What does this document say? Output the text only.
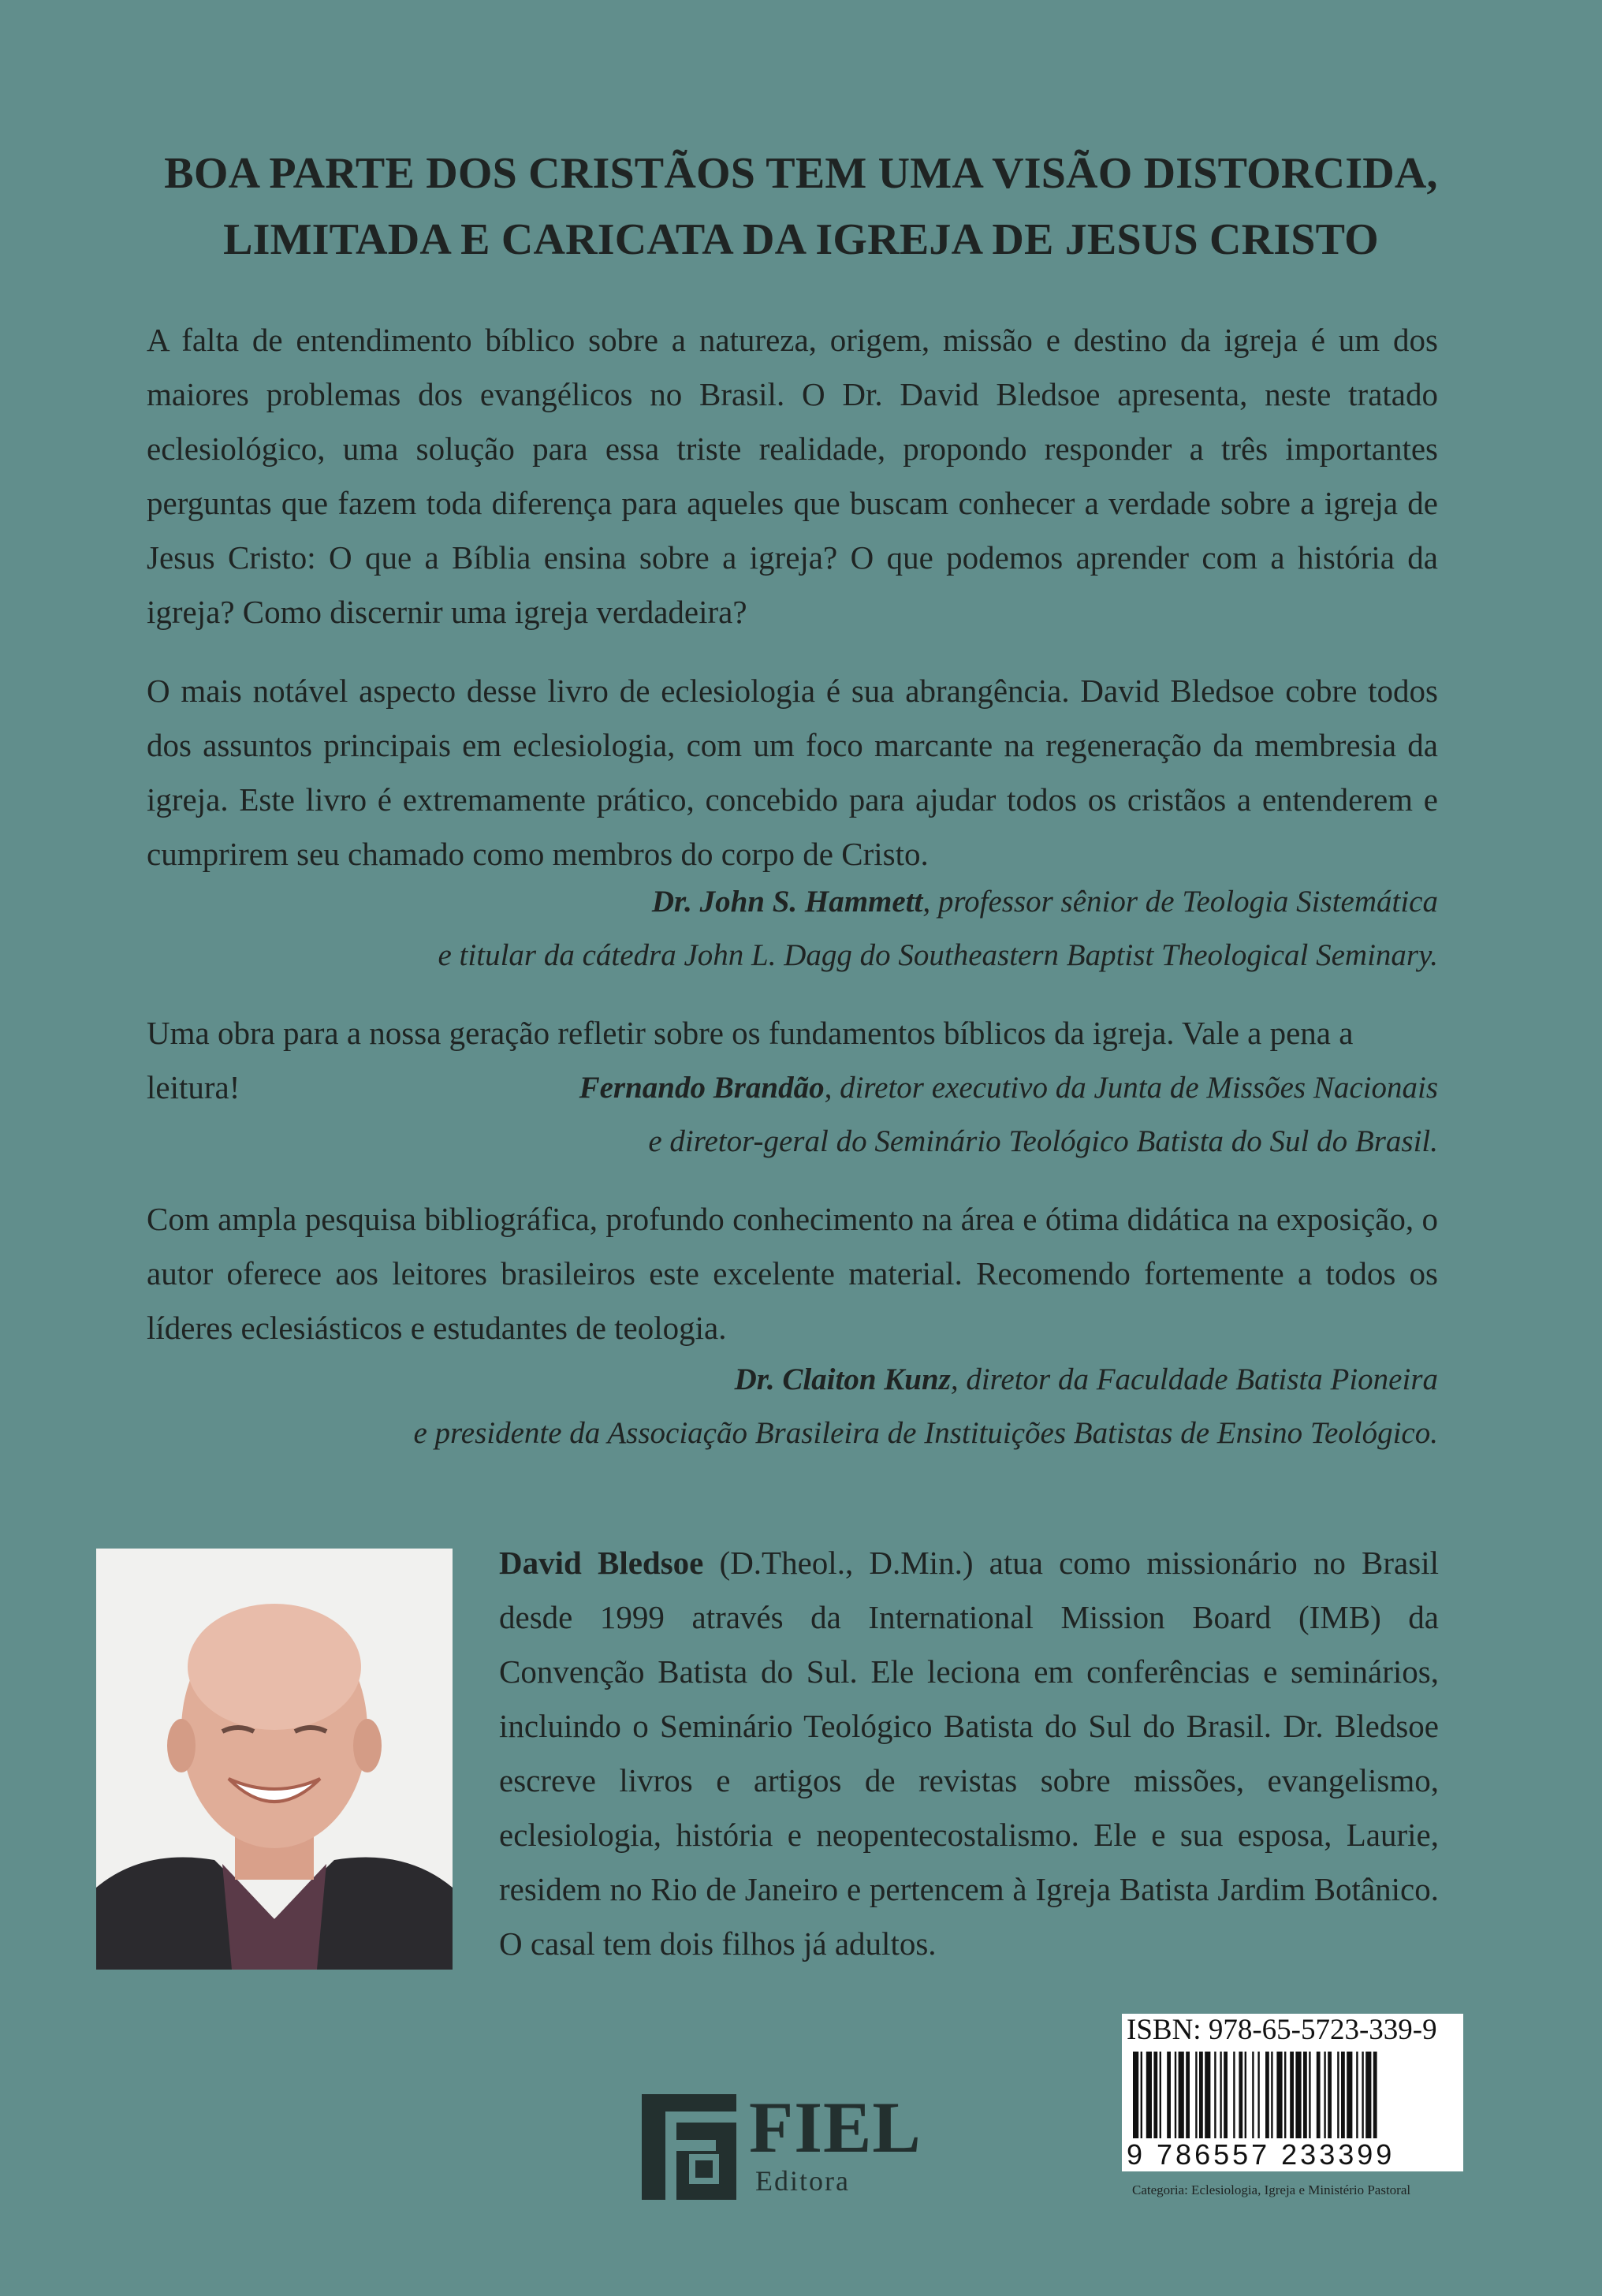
BOA PARTE DOS CRISTÃOS TEM UMA VISÃO DISTORCIDA,
LIMITADA E CARICATA DA IGREJA DE JESUS CRISTO

A falta de entendimento bíblico sobre a natureza, origem, missão e destino da igreja é um dos maiores problemas dos evangélicos no Brasil. O Dr. David Bledsoe apresenta, neste tratado eclesiológico, uma solução para essa triste realidade, propondo responder a três importantes perguntas que fazem toda diferença para aqueles que buscam conhecer a verdade sobre a igreja de Jesus Cristo: O que a Bíblia ensina sobre a igreja? O que podemos aprender com a história da igreja? Como discernir uma igreja verdadeira?

O mais notável aspecto desse livro de eclesiologia é sua abrangência. David Bledsoe cobre todos dos assuntos principais em eclesiologia, com um foco marcante na regeneração da membresia da igreja. Este livro é extremamente prático, concebido para ajudar todos os cristãos a entenderem e cumprirem seu chamado como membros do corpo de Cristo.

Dr. John S. Hammett, professor sênior de Teologia Sistemática
e titular da cátedra John L. Dagg do Southeastern Baptist Theological Seminary.

Uma obra para a nossa geração refletir sobre os fundamentos bíblicos da igreja. Vale a pena a leitura!	Fernando Brandão, diretor executivo da Junta de Missões Nacionais
e diretor-geral do Seminário Teológico Batista do Sul do Brasil.

Com ampla pesquisa bibliográfica, profundo conhecimento na área e ótima didática na exposição, o autor oferece aos leitores brasileiros este excelente material. Recomendo fortemente a todos os líderes eclesiásticos e estudantes de teologia.

Dr. Claiton Kunz, diretor da Faculdade Batista Pioneira
e presidente da Associação Brasileira de Instituições Batistas de Ensino Teológico.

David Bledsoe (D.Theol., D.Min.) atua como missionário no Brasil desde 1999 através da International Mission Board (IMB) da Convenção Batista do Sul. Ele leciona em conferências e seminários, incluindo o Seminário Teológico Batista do Sul do Brasil. Dr. Bledsoe escreve livros e artigos de revistas sobre missões, evangelismo, eclesiologia, história e neopentecostalismo. Ele e sua esposa, Laurie, residem no Rio de Janeiro e pertencem à Igreja Batista Jardim Botânico. O casal tem dois filhos já adultos.

ISBN: 978-65-5723-339-9
9 786557 233399
Categoria: Eclesiologia, Igreja e Ministério Pastoral
FIEL
Editora
